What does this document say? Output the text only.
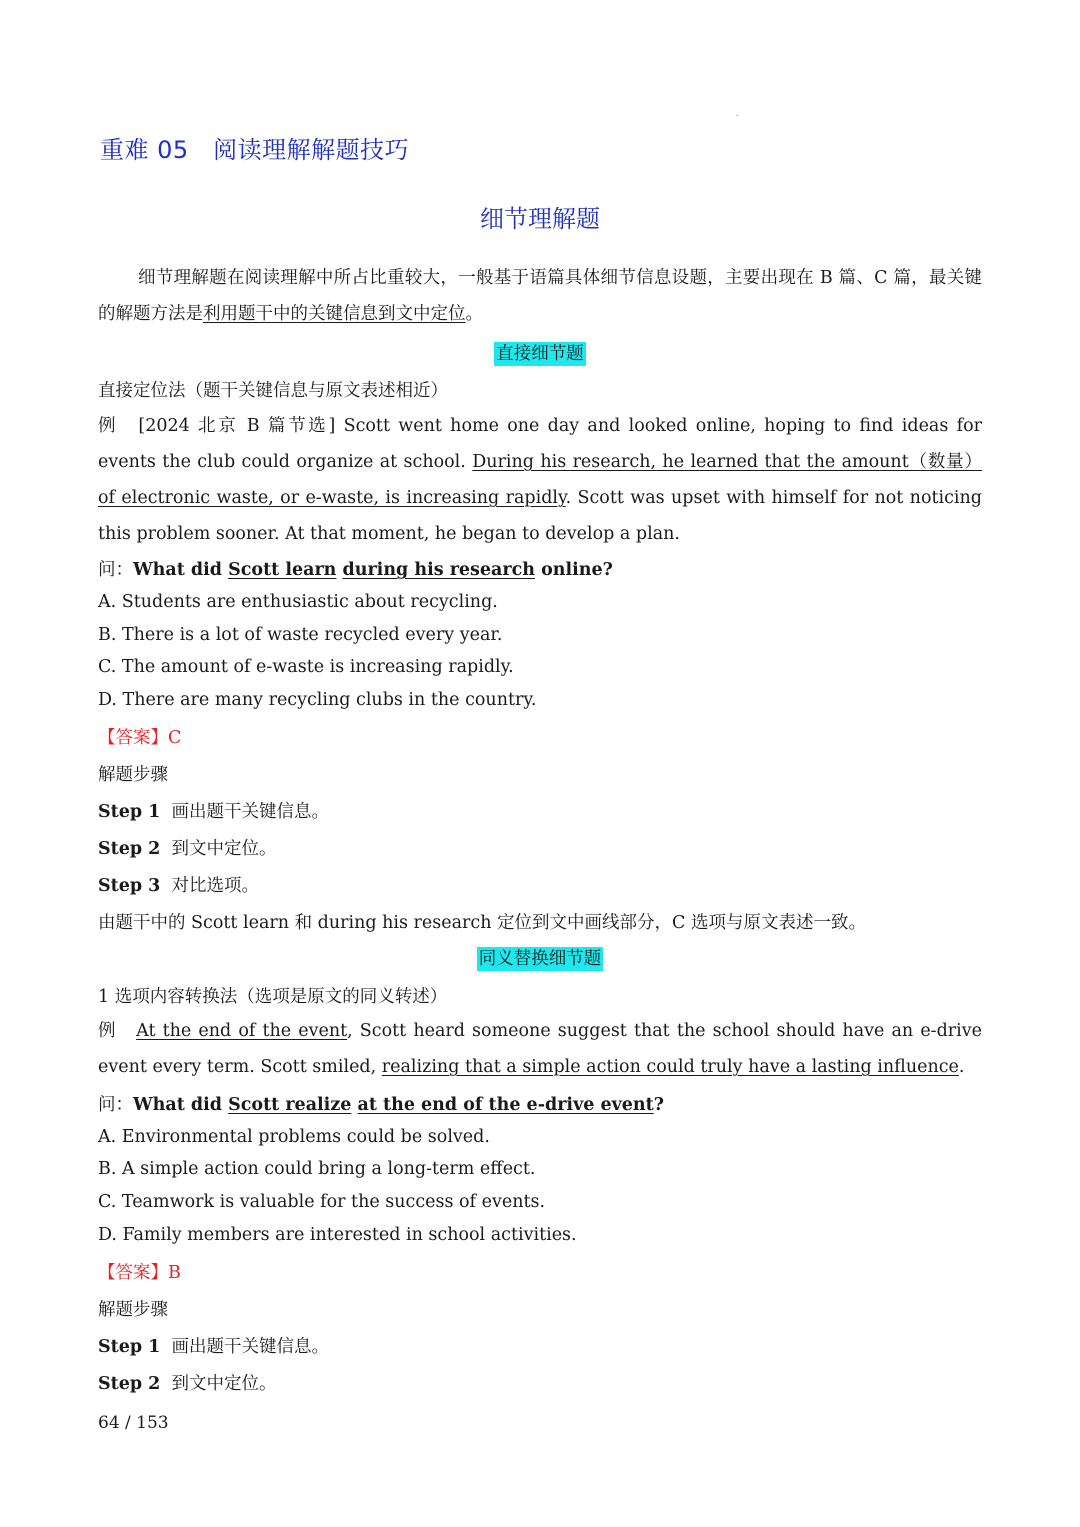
重难 05　阅读理解解题技巧
细节理解题
细节理解题在阅读理解中所占比重较大，一般基于语篇具体细节信息设题，主要出现在 B 篇、C 篇，最关键的解题方法是利用题干中的关键信息到文中定位。
直接细节题
直接定位法（题干关键信息与原文表述相近）
例　[2024 北京 B 篇节选] Scott went home one day and looked online, hoping to find ideas for events the club could organize at school. During his research, he learned that the amount（数量） of electronic waste, or e-waste, is increasing rapidly. Scott was upset with himself for not noticing this problem sooner. At that moment, he began to develop a plan.
问：What did Scott learn during his research online?
A. Students are enthusiastic about recycling.
B. There is a lot of waste recycled every year.
C. The amount of e-waste is increasing rapidly.
D. There are many recycling clubs in the country.
【答案】C
解题步骤
Step 1 画出题干关键信息。
Step 2 到文中定位。
Step 3 对比选项。
由题干中的 Scott learn 和 during his research 定位到文中画线部分，C 选项与原文表述一致。
同义替换细节题
1 选项内容转换法（选项是原文的同义转述）
例　At the end of the event, Scott heard someone suggest that the school should have an e-drive event every term. Scott smiled, realizing that a simple action could truly have a lasting influence.
问：What did Scott realize at the end of the e-drive event?
A. Environmental problems could be solved.
B. A simple action could bring a long-term effect.
C. Teamwork is valuable for the success of events.
D. Family members are interested in school activities.
【答案】B
解题步骤
Step 1 画出题干关键信息。
Step 2 到文中定位。
64 / 153
